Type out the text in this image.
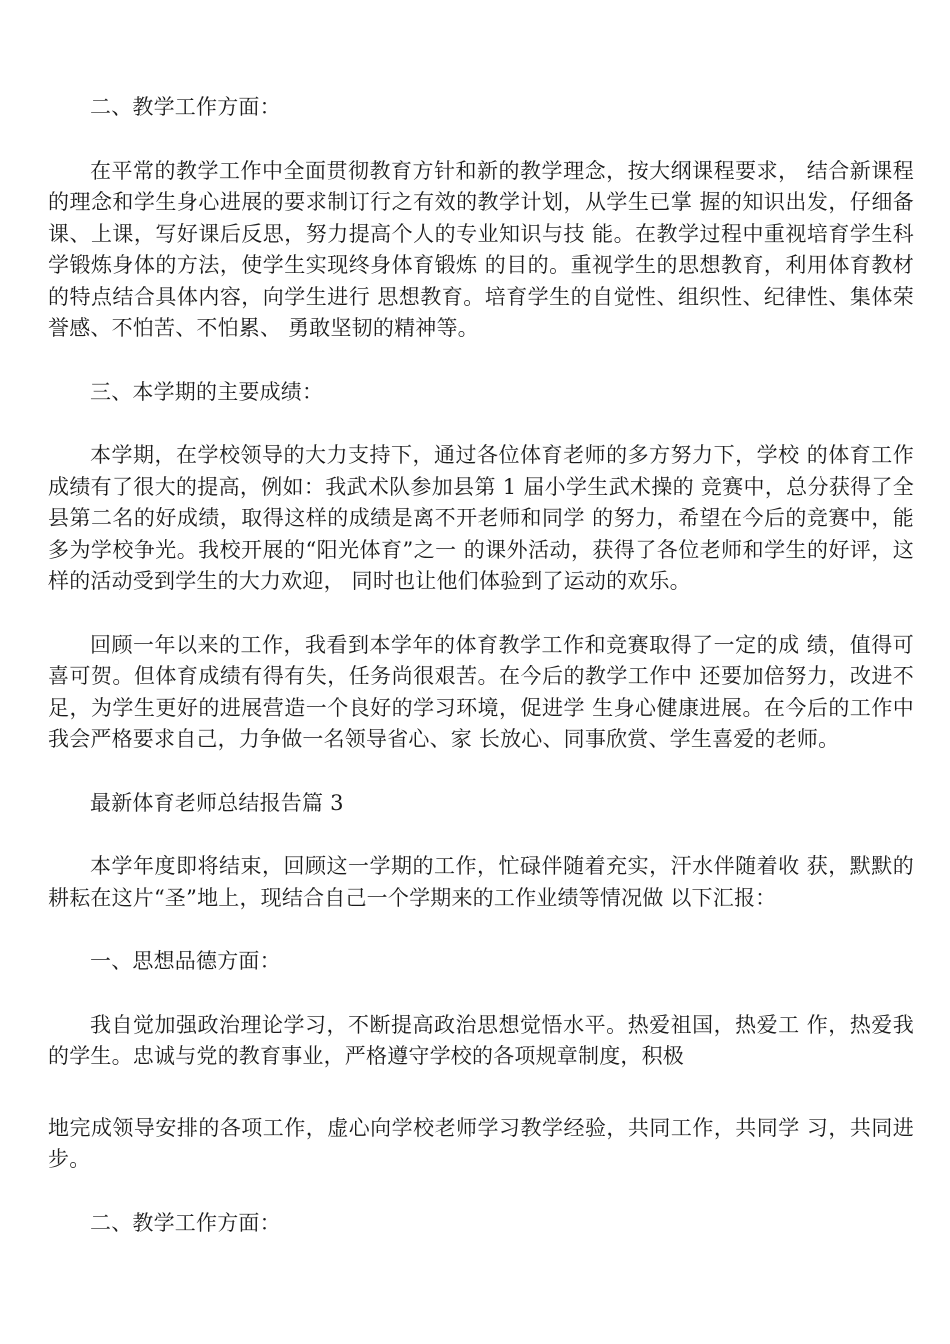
二、教学工作方面：

在平常的教学工作中全面贯彻教育方针和新的教学理念，按大纲课程要求， 结合新课程的理念和学生身心进展的要求制订行之有效的教学计划，从学生已掌 握的知识出发，仔细备课、上课，写好课后反思，努力提高个人的专业知识与技 能。在教学过程中重视培育学生科学锻炼身体的方法，使学生实现终身体育锻炼 的目的。重视学生的思想教育，利用体育教材的特点结合具体内容，向学生进行 思想教育。培育学生的自觉性、组织性、纪律性、集体荣誉感、不怕苦、不怕累、 勇敢坚韧的精神等。

三、本学期的主要成绩：

本学期，在学校领导的大力支持下，通过各位体育老师的多方努力下，学校 的体育工作成绩有了很大的提高，例如：我武术队参加县第 1 届小学生武术操的 竞赛中，总分获得了全县第二名的好成绩，取得这样的成绩是离不开老师和同学 的努力，希望在今后的竞赛中，能多为学校争光。我校开展的“阳光体育”之一 的课外活动，获得了各位老师和学生的好评，这样的活动受到学生的大力欢迎， 同时也让他们体验到了运动的欢乐。

回顾一年以来的工作，我看到本学年的体育教学工作和竞赛取得了一定的成 绩，值得可喜可贺。但体育成绩有得有失，任务尚很艰苦。在今后的教学工作中 还要加倍努力，改进不足，为学生更好的进展营造一个良好的学习环境，促进学 生身心健康进展。在今后的工作中我会严格要求自己，力争做一名领导省心、家 长放心、同事欣赏、学生喜爱的老师。

最新体育老师总结报告篇 3

本学年度即将结束，回顾这一学期的工作，忙碌伴随着充实，汗水伴随着收 获，默默的耕耘在这片“圣”地上，现结合自己一个学期来的工作业绩等情况做 以下汇报：

一、思想品德方面：

我自觉加强政治理论学习，不断提高政治思想觉悟水平。热爱祖国，热爱工 作，热爱我的学生。忠诚与党的教育事业，严格遵守学校的各项规章制度，积极

地完成领导安排的各项工作，虚心向学校老师学习教学经验，共同工作，共同学 习，共同进步。

二、教学工作方面：
